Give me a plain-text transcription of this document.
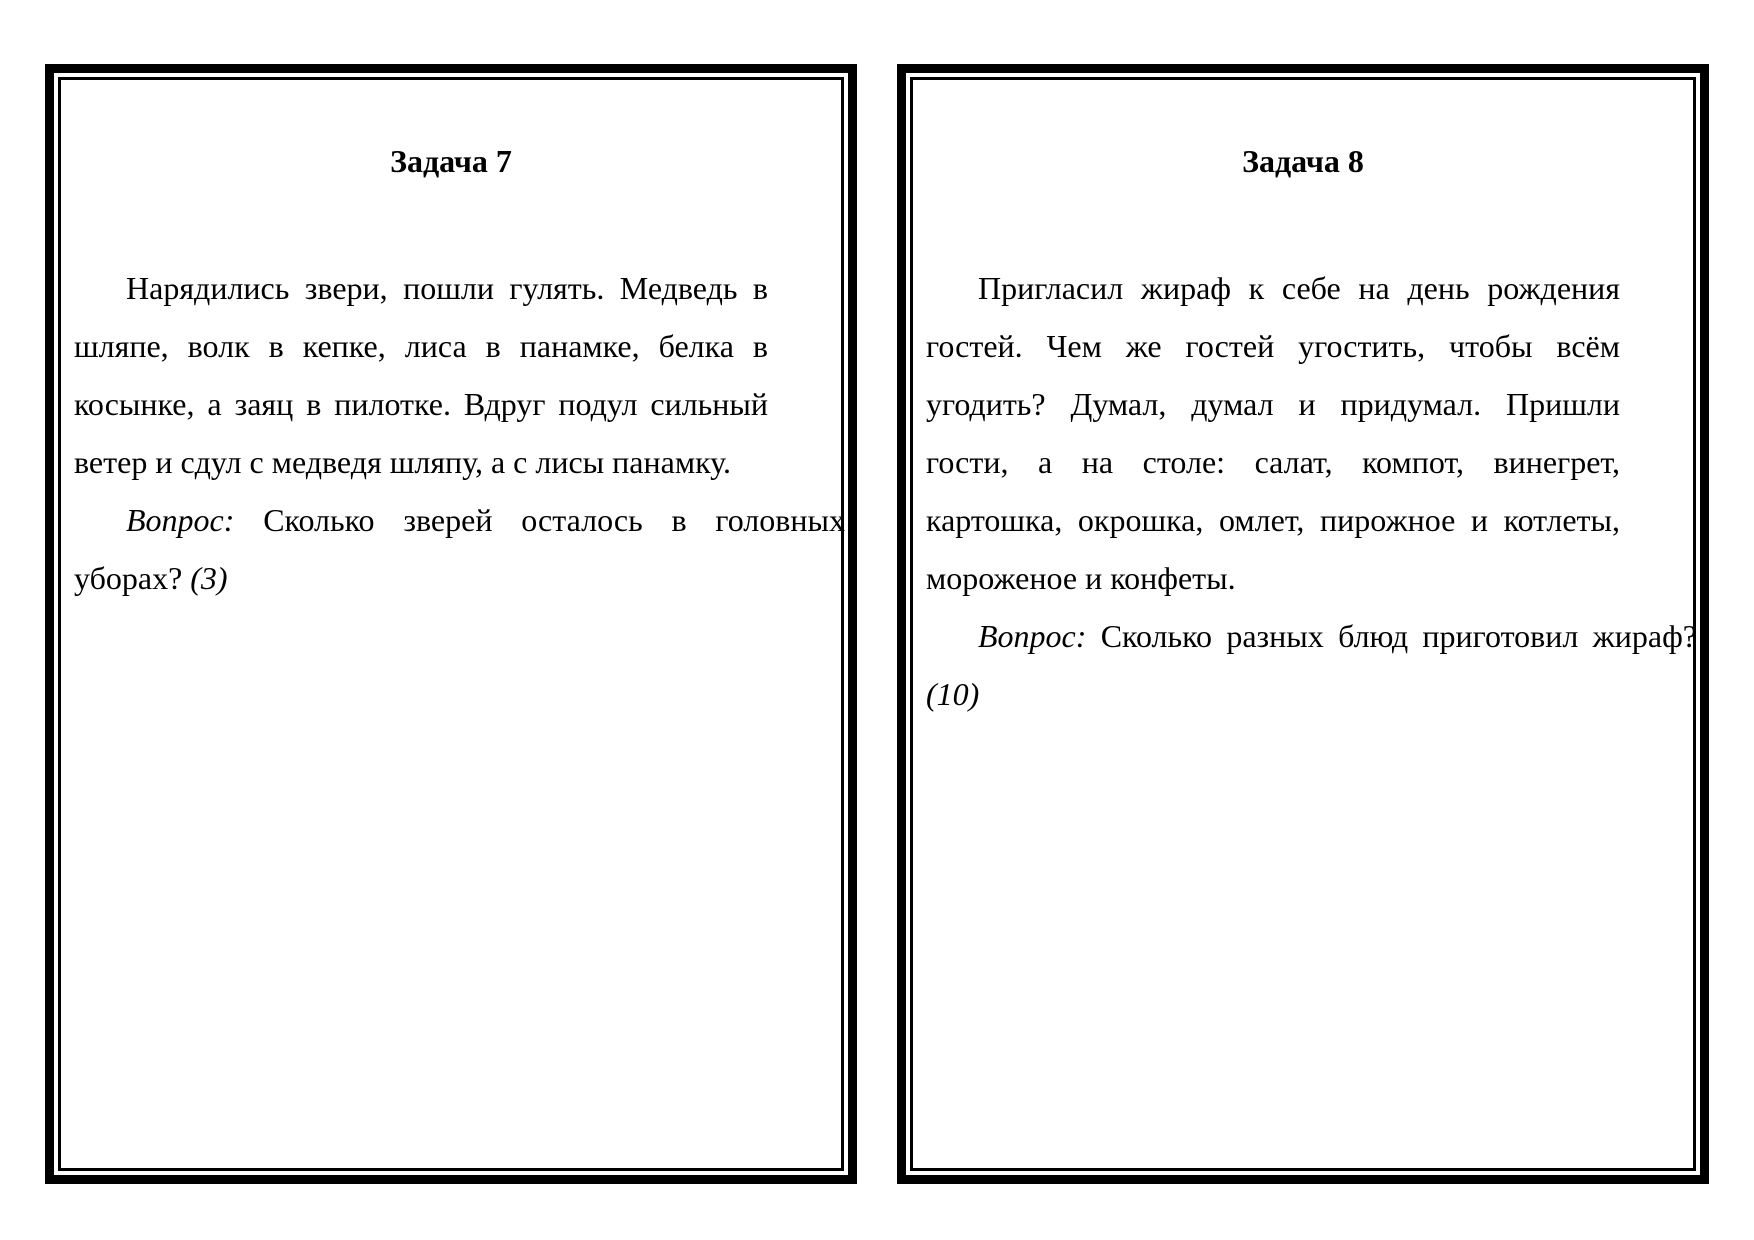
Задача 7

Нарядились звери, пошли гулять. Медведь в шляпе, волк в кепке, лиса в панамке, белка в косынке, а заяц в пилотке. Вдруг подул сильный ветер и сдул с медведя шляпу, а с лисы панамку.

Вопрос: Сколько зверей осталось в головных уборах? (3)

Задача 8

Пригласил жираф к себе на день рождения гостей. Чем же гостей угостить, чтобы всём угодить? Думал, думал и придумал. Пришли гости, а на столе: салат, компот, винегрет, картошка, окрошка, омлет, пирожное и котлеты, мороженое и конфеты.

Вопрос: Сколько разных блюд приготовил жираф? (10)
